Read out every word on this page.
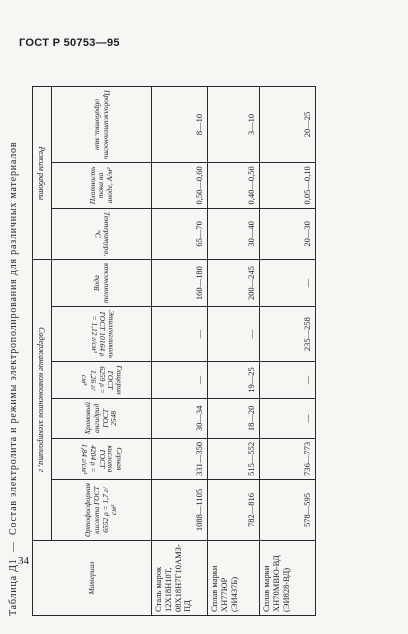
ГОСТ Р 50753—95
Таблица Д1 — Состав электролита и режимы электрополирования для различных материалов
Материал	Содержание компонентов электролита, г						Режим работы		
	Ортофосфорная кислота ГОСТ 6552 ρ = 1,7 г/см³	Серная кислота ГОСТ 4204 ρ = 1,84 г/см³	Хромовый ангидрид ГОСТ 2548	Глицерин ГОСТ 6259 ρ = 1,26 г/см³	Этиленгликоль ГОСТ 10164 ρ = 1,12 г/см³	Вода техническая	Температура, °С	Плотность тока на аноде, А/м²	Продолжительность обработки, мин
Сталь марок 12Х18Н10Т, 08Х18Н7Г10АМЗ-ПД	1088—1105	331—350	30—34	—	—	160—180	65—70	0,50—0,60	8—10
Сплав марки ХН77ЮР (ЭИ437Б)	782—816	515—552	18—20	19—25	—	200—245	30—40	0,40—0,50	3—10
Сплав марки ХН70МВЮ-ВД (ЭИ828-ВД)	578—595	736—773	—	—	235—258	—	20—30	0,05—0,10	20—25
34
